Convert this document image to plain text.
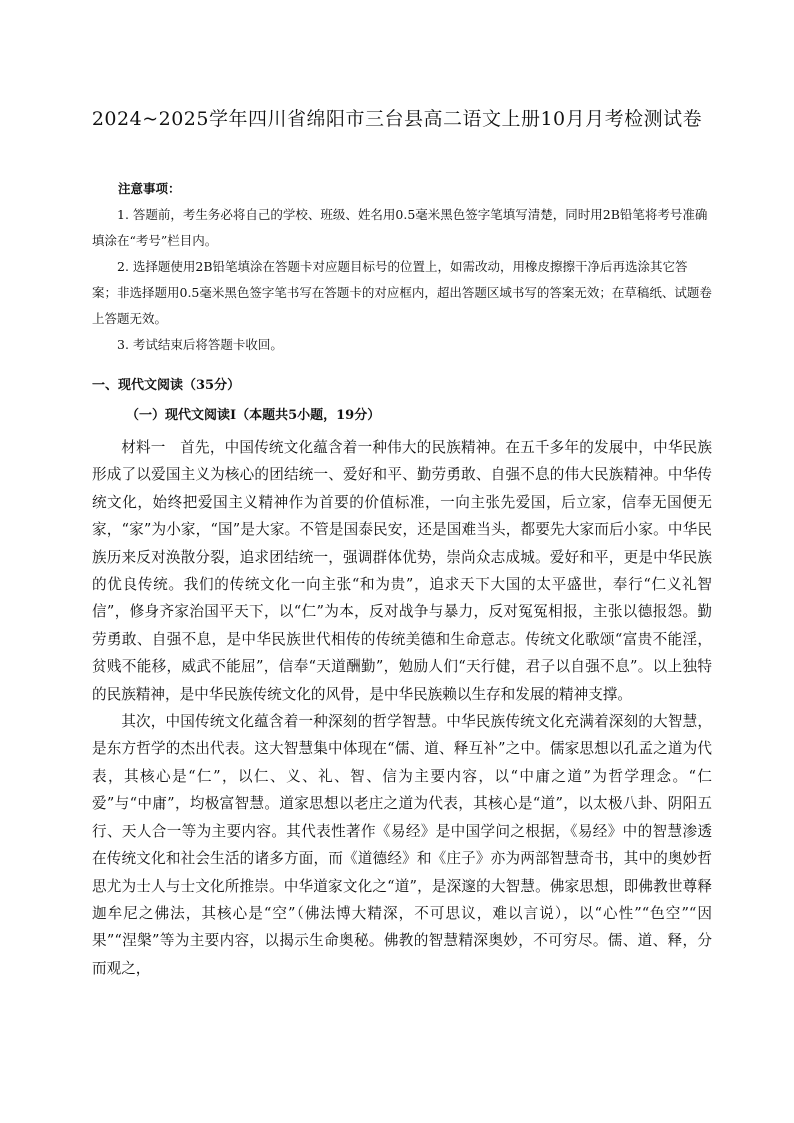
2024~2025学年四川省绵阳市三台县高二语文上册10月月考检测试卷
注意事项：

1. 答题前，考生务必将自己的学校、班级、姓名用0.5毫米黑色签字笔填写清楚，同时用2B铅笔将考号准确填涂在“考号”栏目内。

2. 选择题使用2B铅笔填涂在答题卡对应题目标号的位置上，如需改动，用橡皮擦擦干净后再选涂其它答案；非选择题用0.5毫米黑色签字笔书写在答题卡的对应框内，超出答题区域书写的答案无效；在草稿纸、试题卷上答题无效。

3. 考试结束后将答题卡收回。

一、现代文阅读（35分）
（一）现代文阅读Ⅰ（本题共5小题，19分）

材料一　首先，中国传统文化蕴含着一种伟大的民族精神。在五千多年的发展中，中华民族形成了以爱国主义为核心的团结统一、爱好和平、勤劳勇敢、自强不息的伟大民族精神。中华传统文化，始终把爱国主义精神作为首要的价值标准，一向主张先爱国，后立家，信奉无国便无家，“家”为小家，“国”是大家。不管是国泰民安，还是国难当头，都要先大家而后小家。中华民族历来反对涣散分裂，追求团结统一，强调群体优势，崇尚众志成城。爱好和平，更是中华民族的优良传统。我们的传统文化一向主张“和为贵”，追求天下大国的太平盛世，奉行“仁义礼智信”，修身齐家治国平天下，以“仁”为本，反对战争与暴力，反对冤冤相报，主张以德报怨。勤劳勇敢、自强不息，是中华民族世代相传的传统美德和生命意志。传统文化歌颂“富贵不能淫，贫贱不能移，威武不能屈”，信奉“天道酬勤”，勉励人们“天行健，君子以自强不息”。以上独特的民族精神，是中华民族传统文化的风骨，是中华民族赖以生存和发展的精神支撑。

其次，中国传统文化蕴含着一种深刻的哲学智慧。中华民族传统文化充满着深刻的大智慧，是东方哲学的杰出代表。这大智慧集中体现在“儒、道、释互补”之中。儒家思想以孔孟之道为代表，其核心是“仁”，以仁、义、礼、智、信为主要内容，以“中庸之道”为哲学理念。“仁爱”与“中庸”，均极富智慧。道家思想以老庄之道为代表，其核心是“道”，以太极八卦、阴阳五行、天人合一等为主要内容。其代表性著作《易经》是中国学问之根据，《易经》中的智慧渗透在传统文化和社会生活的诸多方面，而《道德经》和《庄子》亦为两部智慧奇书，其中的奥妙哲思尤为士人与士文化所推崇。中华道家文化之“道”，是深邃的大智慧。佛家思想，即佛教世尊释迦牟尼之佛法，其核心是“空”（佛法博大精深，不可思议，难以言说），以“心性”“色空”“因果”“涅槃”等为主要内容，以揭示生命奥秘。佛教的智慧精深奥妙，不可穷尽。儒、道、释，分而观之，
